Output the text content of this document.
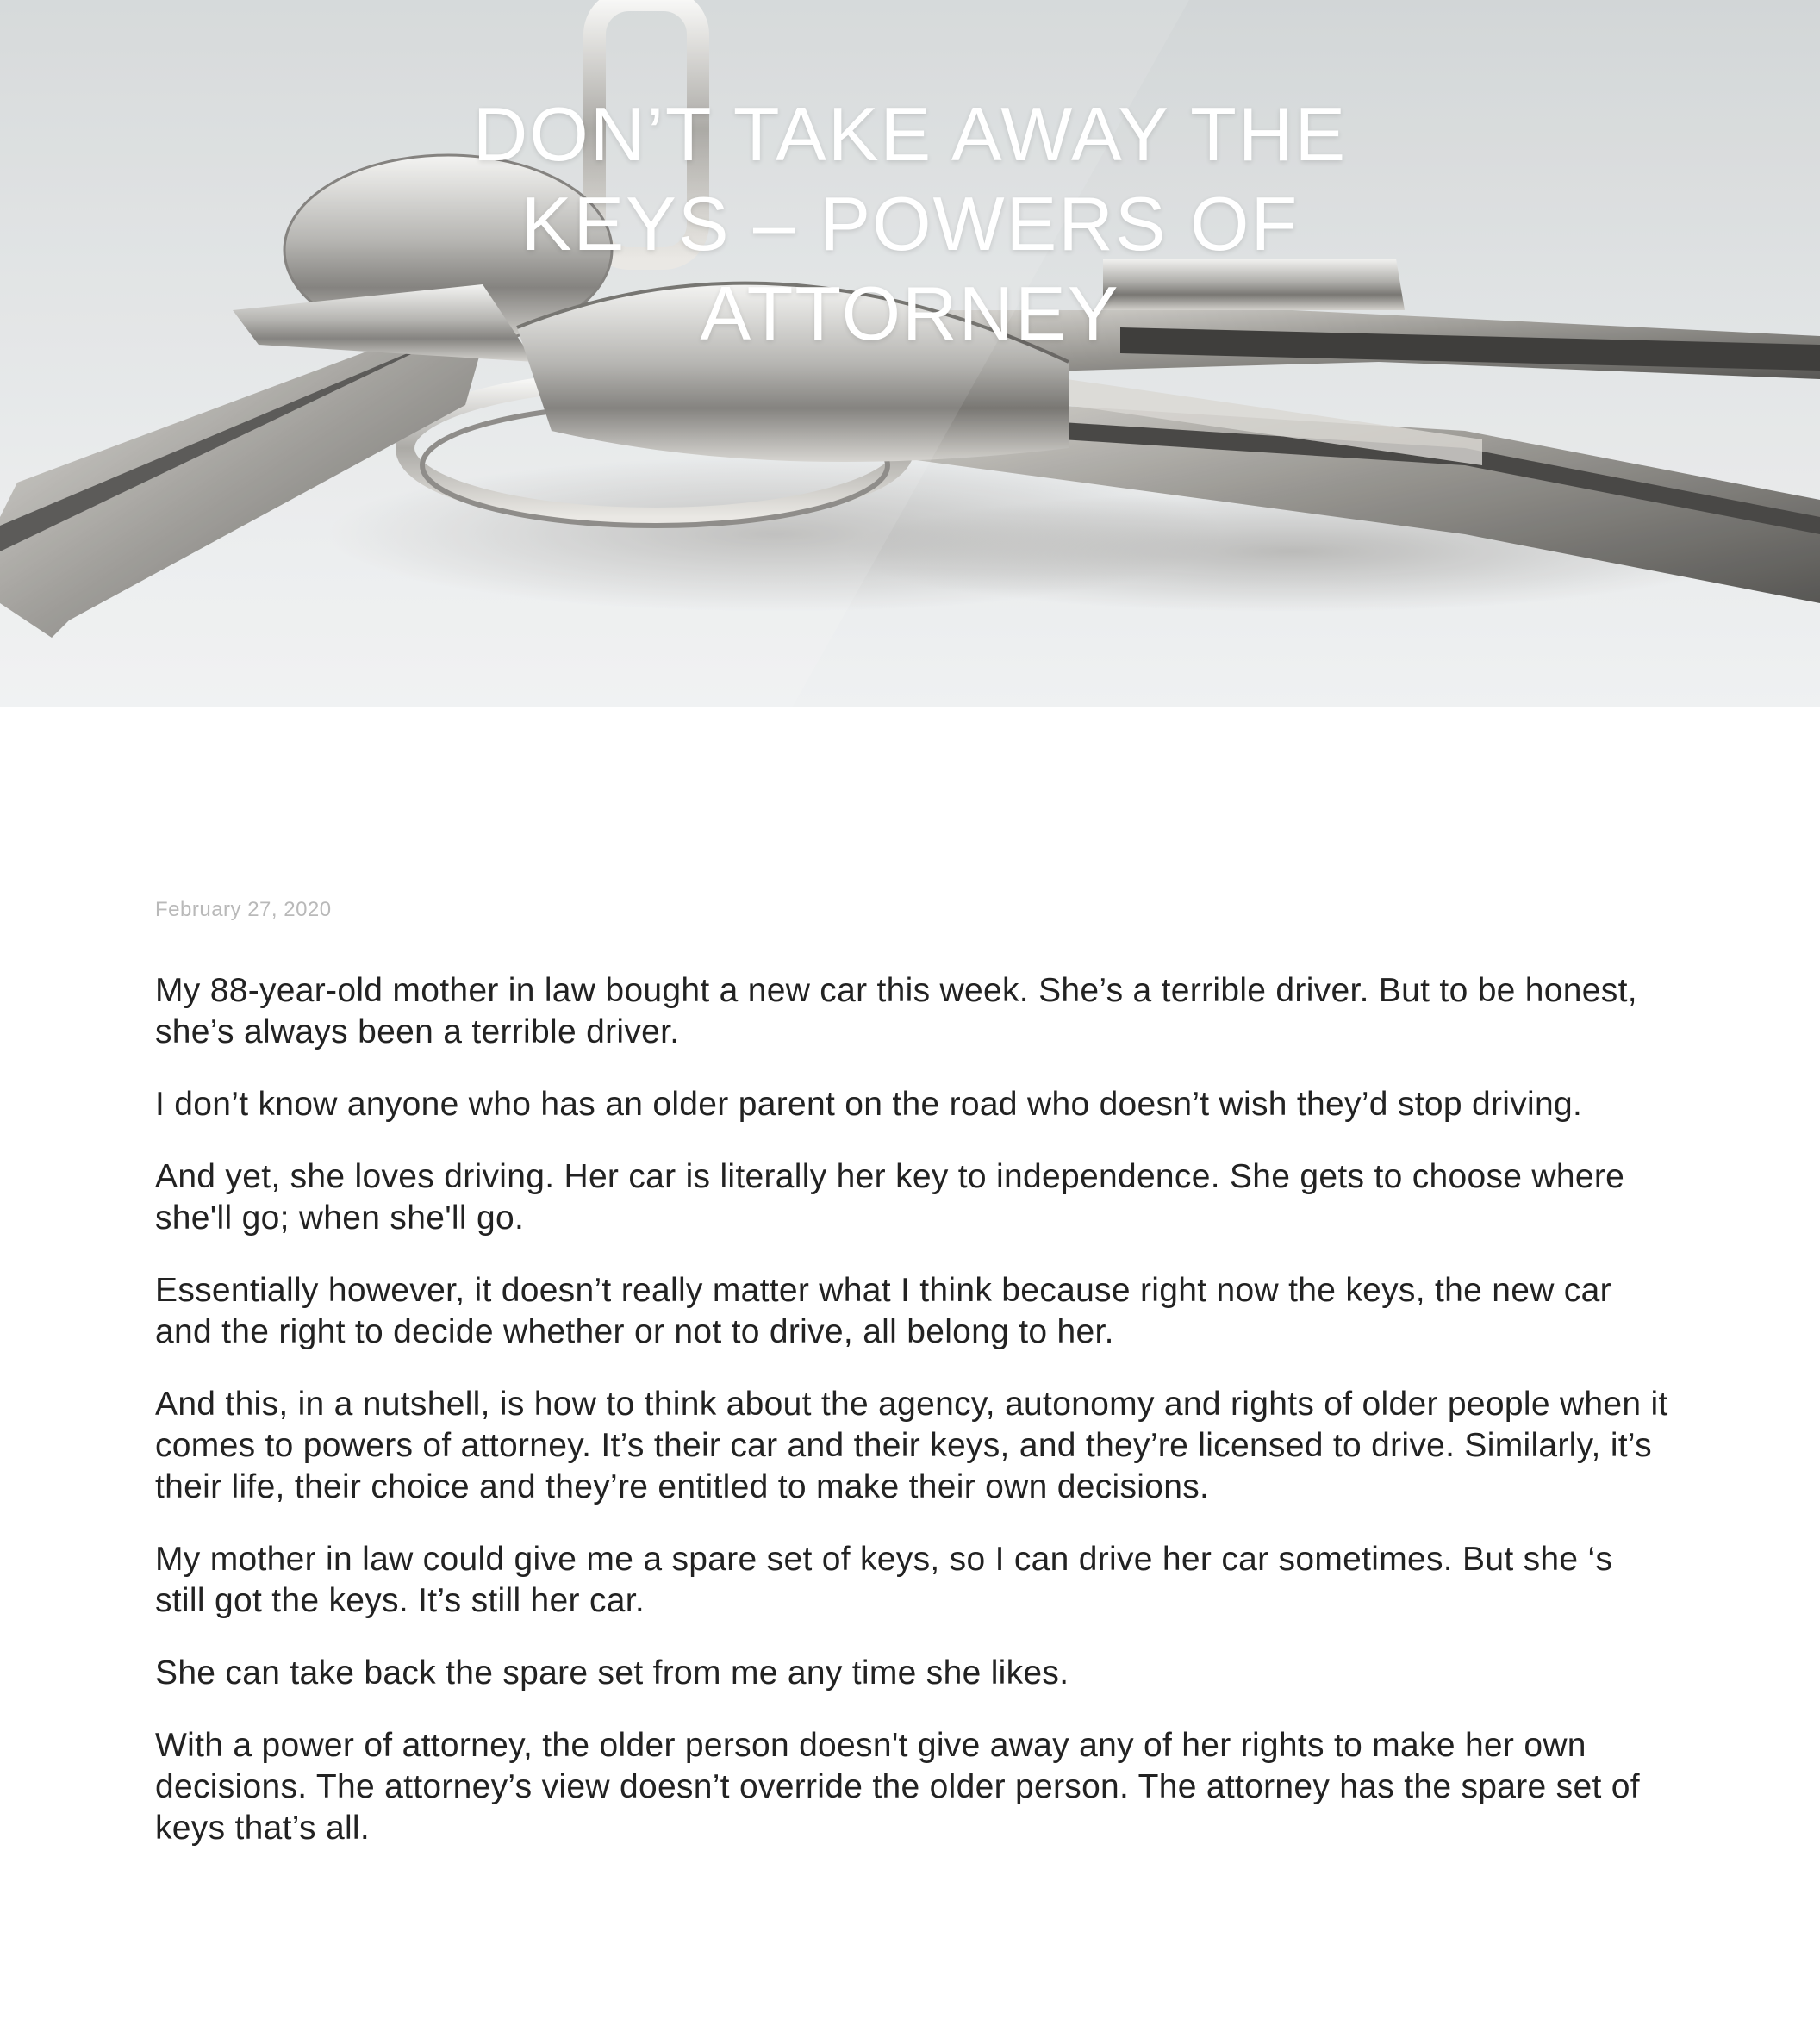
DON’T TAKE AWAY THE
KEYS – POWERS OF
ATTORNEY
February 27, 2020

My 88-year-old mother in law bought a new car this week. She’s a terrible driver. But to be honest, she’s always been a terrible driver.

I don’t know anyone who has an older parent on the road who doesn’t wish they’d stop driving.

And yet, she loves driving. Her car is literally her key to independence. She gets to choose where she'll go; when she'll go.

Essentially however, it doesn’t really matter what I think because right now the keys, the new car and the right to decide whether or not to drive, all belong to her.

And this, in a nutshell, is how to think about the agency, autonomy and rights of older people when it comes to powers of attorney. It’s their car and their keys, and they’re licensed to drive. Similarly, it’s their life, their choice and they’re entitled to make their own decisions.

My mother in law could give me a spare set of keys, so I can drive her car sometimes. But she ‘s still got the keys. It’s still her car.

She can take back the spare set from me any time she likes.

With a power of attorney, the older person doesn't give away any of her rights to make her own decisions. The attorney’s view doesn’t override the older person. The attorney has the spare set of keys that’s all.
